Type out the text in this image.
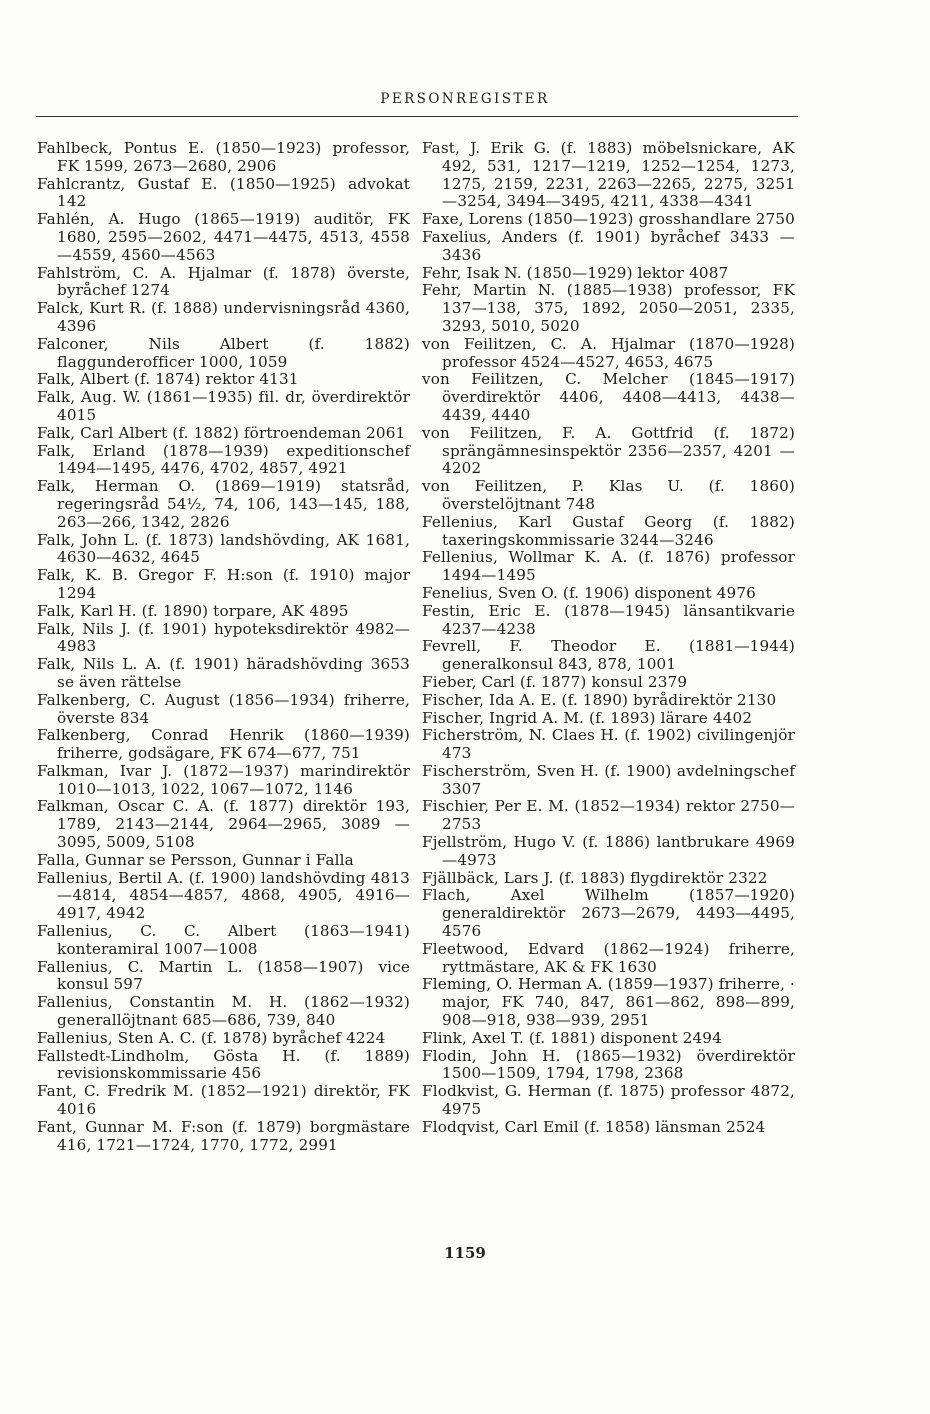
PERSONREGISTER

Fahlbeck, Pontus E. (1850—1923) professor, FK 1599, 2673—2680, 2906

Fahlcrantz, Gustaf E. (1850—1925) advokat 142

Fahlén, A. Hugo (1865—1919) auditör, FK 1680, 2595—2602, 4471—4475, 4513, 4558—4559, 4560—4563

Fahlström, C. A. Hjalmar (f. 1878) överste, byråchef 1274

Falck, Kurt R. (f. 1888) undervisningsråd 4360, 4396

Falconer, Nils Albert (f. 1882) flaggunderofficer 1000, 1059

Falk, Albert (f. 1874) rektor 4131

Falk, Aug. W. (1861—1935) fil. dr, överdirektör 4015

Falk, Carl Albert (f. 1882) förtroendeman 2061

Falk, Erland (1878—1939) expeditionschef 1494—1495, 4476, 4702, 4857, 4921

Falk, Herman O. (1869—1919) statsråd, regeringsråd 54½, 74, 106, 143—145, 188, 263—266, 1342, 2826

Falk, John L. (f. 1873) landshövding, AK 1681, 4630—4632, 4645

Falk, K. B. Gregor F. H:son (f. 1910) major 1294

Falk, Karl H. (f. 1890) torpare, AK 4895

Falk, Nils J. (f. 1901) hypoteksdirektör 4982—4983

Falk, Nils L. A. (f. 1901) häradshövding 3653 se även rättelse

Falkenberg, C. August (1856—1934) friherre, överste 834

Falkenberg, Conrad Henrik (1860—1939) friherre, godsägare, FK 674—677, 751

Falkman, Ivar J. (1872—1937) marindirektör 1010—1013, 1022, 1067—1072, 1146

Falkman, Oscar C. A. (f. 1877) direktör 193, 1789, 2143—2144, 2964—2965, 3089 —3095, 5009, 5108

Falla, Gunnar se Persson, Gunnar i Falla

Fallenius, Bertil A. (f. 1900) landshövding 4813—4814, 4854—4857, 4868, 4905, 4916—4917, 4942

Fallenius, C. C. Albert (1863—1941) konteramiral 1007—1008

Fallenius, C. Martin L. (1858—1907) vice konsul 597

Fallenius, Constantin M. H. (1862—1932) generallöjtnant 685—686, 739, 840

Fallenius, Sten A. C. (f. 1878) byråchef 4224

Fallstedt-Lindholm, Gösta H. (f. 1889) revisionskommissarie 456

Fant, C. Fredrik M. (1852—1921) direktör, FK 4016

Fant, Gunnar M. F:son (f. 1879) borgmästare 416, 1721—1724, 1770, 1772, 2991

Fast, J. Erik G. (f. 1883) möbelsnickare, AK 492, 531, 1217—1219, 1252—1254, 1273, 1275, 2159, 2231, 2263—2265, 2275, 3251—3254, 3494—3495, 4211, 4338—4341

Faxe, Lorens (1850—1923) grosshandlare 2750

Faxelius, Anders (f. 1901) byråchef 3433 —3436

Fehr, Isak N. (1850—1929) lektor 4087

Fehr, Martin N. (1885—1938) professor, FK 137—138, 375, 1892, 2050—2051, 2335, 3293, 5010, 5020

von Feilitzen, C. A. Hjalmar (1870—1928) professor 4524—4527, 4653, 4675

von Feilitzen, C. Melcher (1845—1917) överdirektör 4406, 4408—4413, 4438—4439, 4440

von Feilitzen, F. A. Gottfrid (f. 1872) sprängämnesinspektör 2356—2357, 4201 —4202

von Feilitzen, P. Klas U. (f. 1860) överstelöjtnant 748

Fellenius, Karl Gustaf Georg (f. 1882) taxeringskommissarie 3244—3246

Fellenius, Wollmar K. A. (f. 1876) professor 1494—1495

Fenelius, Sven O. (f. 1906) disponent 4976

Festin, Eric E. (1878—1945) länsantikvarie 4237—4238

Fevrell, F. Theodor E. (1881—1944) generalkonsul 843, 878, 1001

Fieber, Carl (f. 1877) konsul 2379

Fischer, Ida A. E. (f. 1890) byrådirektör 2130

Fischer, Ingrid A. M. (f. 1893) lärare 4402

Ficherström, N. Claes H. (f. 1902) civilingenjör 473

Fischerström, Sven H. (f. 1900) avdelningschef 3307

Fischier, Per E. M. (1852—1934) rektor 2750—2753

Fjellström, Hugo V. (f. 1886) lantbrukare 4969—4973

Fjällbäck, Lars J. (f. 1883) flygdirektör 2322

Flach, Axel Wilhelm (1857—1920) generaldirektör 2673—2679, 4493—4495, 4576

Fleetwood, Edvard (1862—1924) friherre, ryttmästare, AK & FK 1630

Fleming, O. Herman A. (1859—1937) friherre, · major, FK 740, 847, 861—862, 898—899, 908—918, 938—939, 2951

Flink, Axel T. (f. 1881) disponent 2494

Flodin, John H. (1865—1932) överdirektör 1500—1509, 1794, 1798, 2368

Flodkvist, G. Herman (f. 1875) professor 4872, 4975

Flodqvist, Carl Emil (f. 1858) länsman 2524

1159
